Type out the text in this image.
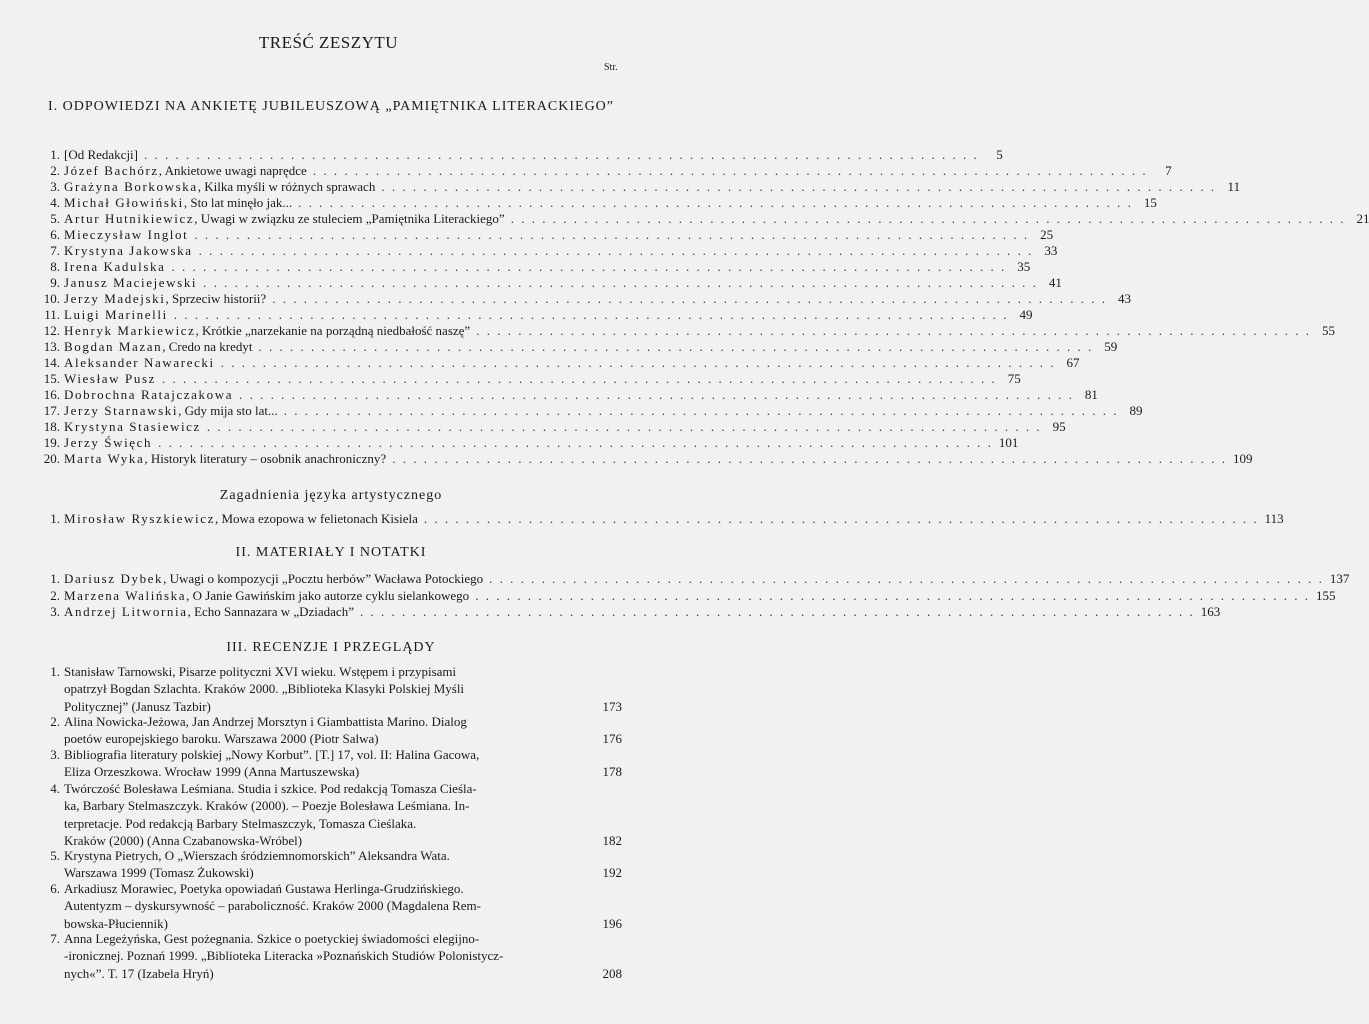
TREŚĆ ZESZYTU
Str.
I. ODPOWIEDZI NA ANKIETĘ JUBILEUSZOWĄ „PAMIĘTNIKA LITERACKIEGO”
1. [Od Redakcji] . . . . . . . . . . . . . . . . . . . . . . . . . . . . . . . . . . . . . . . . . . . . . . . . . . . . . . . . . . . . . . . . . . . . . . . . . . . . . . . .	5
2. Józef Bachórz, Ankietowe uwagi naprędce . . . . . . . . . . . . . . . . . . . . . . . . . . . . . . . . . . . . . . . . . . . . . . . . . . . . . . . . . . . . . . . . . . . . . . . . . . . . . . . .	7
3. Grażyna Borkowska, Kilka myśli w różnych sprawach . . . . . . . . . . . . . . . . . . . . . . . . . . . . . . . . . . . . . . . . . . . . . . . . . . . . . . . . . . . . . . . . . . . . . . . . . . . . . . . . 11
4. Michał Głowiński, Sto lat minęło jak... . . . . . . . . . . . . . . . . . . . . . . . . . . . . . . . . . . . . . . . . . . . . . . . . . . . . . . . . . . . . . . . . . . . . . . . . . . . . . . . . 15
5. Artur Hutnikiewicz, Uwagi w związku ze stuleciem „Pamiętnika Literackiego” . . . . . . . . . . . . . . . . . . . . . . . . . . . . . . . . . . . . . . . . . . . . . . . . . . . . . . . . . . . . . . . . . . . . . . . . . . . . . . . . 21
6. Mieczysław Inglot . . . . . . . . . . . . . . . . . . . . . . . . . . . . . . . . . . . . . . . . . . . . . . . . . . . . . . . . . . . . . . . . . . . . . . . . . . . . . . . . 25
7. Krystyna Jakowska . . . . . . . . . . . . . . . . . . . . . . . . . . . . . . . . . . . . . . . . . . . . . . . . . . . . . . . . . . . . . . . . . . . . . . . . . . . . . . . . 33
8. Irena Kadulska . . . . . . . . . . . . . . . . . . . . . . . . . . . . . . . . . . . . . . . . . . . . . . . . . . . . . . . . . . . . . . . . . . . . . . . . . . . . . . . . 35
9. Janusz Maciejewski . . . . . . . . . . . . . . . . . . . . . . . . . . . . . . . . . . . . . . . . . . . . . . . . . . . . . . . . . . . . . . . . . . . . . . . . . . . . . . . . 41
10. Jerzy Madejski, Sprzeciw historii? . . . . . . . . . . . . . . . . . . . . . . . . . . . . . . . . . . . . . . . . . . . . . . . . . . . . . . . . . . . . . . . . . . . . . . . . . . . . . . . . 43
11. Luigi Marinelli . . . . . . . . . . . . . . . . . . . . . . . . . . . . . . . . . . . . . . . . . . . . . . . . . . . . . . . . . . . . . . . . . . . . . . . . . . . . . . . . 49
12. Henryk Markiewicz, Krótkie „narzekanie na porządną niedbałość naszę” . . . . . . . . . . . . . . . . . . . . . . . . . . . . . . . . . . . . . . . . . . . . . . . . . . . . . . . . . . . . . . . . . . . . . . . . . . . . . . . . 55
13. Bogdan Mazan, Credo na kredyt . . . . . . . . . . . . . . . . . . . . . . . . . . . . . . . . . . . . . . . . . . . . . . . . . . . . . . . . . . . . . . . . . . . . . . . . . . . . . . . . 59
14. Aleksander Nawarecki . . . . . . . . . . . . . . . . . . . . . . . . . . . . . . . . . . . . . . . . . . . . . . . . . . . . . . . . . . . . . . . . . . . . . . . . . . . . . . . . 67
15. Wiesław Pusz . . . . . . . . . . . . . . . . . . . . . . . . . . . . . . . . . . . . . . . . . . . . . . . . . . . . . . . . . . . . . . . . . . . . . . . . . . . . . . . . 75
16. Dobrochna Ratajczakowa . . . . . . . . . . . . . . . . . . . . . . . . . . . . . . . . . . . . . . . . . . . . . . . . . . . . . . . . . . . . . . . . . . . . . . . . . . . . . . . . 81
17. Jerzy Starnawski, Gdy mija sto lat... . . . . . . . . . . . . . . . . . . . . . . . . . . . . . . . . . . . . . . . . . . . . . . . . . . . . . . . . . . . . . . . . . . . . . . . . . . . . . . . . 89
18. Krystyna Stasiewicz . . . . . . . . . . . . . . . . . . . . . . . . . . . . . . . . . . . . . . . . . . . . . . . . . . . . . . . . . . . . . . . . . . . . . . . . . . . . . . . . 95
19. Jerzy Święch . . . . . . . . . . . . . . . . . . . . . . . . . . . . . . . . . . . . . . . . . . . . . . . . . . . . . . . . . . . . . . . . . . . . . . . . . . . . . . . . 101
20. Marta Wyka, Historyk literatury – osobnik anachroniczny? . . . . . . . . . . . . . . . . . . . . . . . . . . . . . . . . . . . . . . . . . . . . . . . . . . . . . . . . . . . . . . . . . . . . . . . . . . . . . . . . 109
Zagadnienia języka artystycznego
1. Mirosław Ryszkiewicz, Mowa ezopowa w felietonach Kisiela . . . . . . . . . . . . . . . . . . . . . . . . . . . . . . . . . . . . . . . . . . . . . . . . . . . . . . . . . . . . . . . . . . . . . . . . . . . . . . . . 113
II. MATERIAŁY I NOTATKI
1. Dariusz Dybek, Uwagi o kompozycji „Pocztu herbów” Wacława Potockiego . . . . . . . . . . . . . . . . . . . . . . . . . . . . . . . . . . . . . . . . . . . . . . . . . . . . . . . . . . . . . . . . . . . . . . . . . . . . . . . . 137
2. Marzena Walińska, O Janie Gawińskim jako autorze cyklu sielankowego . . . . . . . . . . . . . . . . . . . . . . . . . . . . . . . . . . . . . . . . . . . . . . . . . . . . . . . . . . . . . . . . . . . . . . . . . . . . . . . . 155
3. Andrzej Litwornia, Echo Sannazara w „Dziadach” . . . . . . . . . . . . . . . . . . . . . . . . . . . . . . . . . . . . . . . . . . . . . . . . . . . . . . . . . . . . . . . . . . . . . . . . . . . . . . . . 163
III. RECENZJE I PRZEGLĄDY
1. Stanisław Tarnowski, Pisarze polityczni XVI wieku. Wstępem i przypisami
opatrzył Bogdan Szlachta. Kraków 2000. „Biblioteka Klasyki Polskiej Myśli
Politycznej” (Janusz Tazbir)	173
2. Alina Nowicka-Jeżowa, Jan Andrzej Morsztyn i Giambattista Marino. Dialog
poetów europejskiego baroku. Warszawa 2000 (Piotr Salwa)	176
3. Bibliografia literatury polskiej „Nowy Korbut”. [T.] 17, vol. II: Halina Gacowa,
Eliza Orzeszkowa. Wrocław 1999 (Anna Martuszewska)	178
4. Twórczość Bolesława Leśmiana. Studia i szkice. Pod redakcją Tomasza Cieśla-
ka, Barbary Stelmaszczyk. Kraków (2000). – Poezje Bolesława Leśmiana. In-
terpretacje. Pod redakcją Barbary Stelmaszczyk, Tomasza Cieślaka.
Kraków (2000) (Anna Czabanowska-Wróbel)	182
5. Krystyna Pietrych, O „Wierszach śródziemnomorskich” Aleksandra Wata.
Warszawa 1999 (Tomasz Żukowski)	192
6. Arkadiusz Morawiec, Poetyka opowiadań Gustawa Herlinga-Grudzińskiego.
Autentyzm – dyskursywność – paraboliczność. Kraków 2000 (Magdalena Rem-
bowska-Płuciennik)	196
7. Anna Legeżyńska, Gest pożegnania. Szkice o poetyckiej świadomości elegijno-
-ironicznej. Poznań 1999. „Biblioteka Literacka »Poznańskich Studiów Polonistycz-
nych«”. T. 17 (Izabela Hryń)	208
